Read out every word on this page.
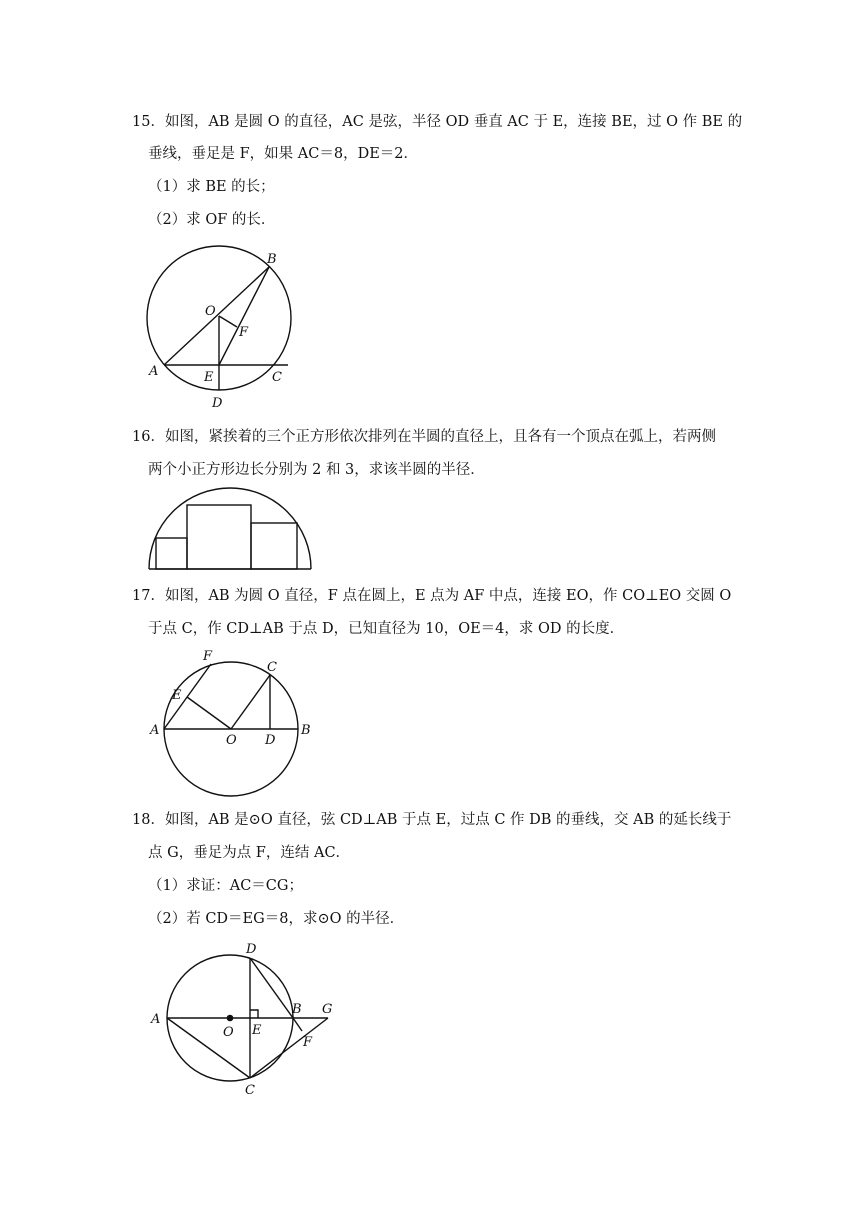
15．如图，AB 是圆 O 的直径，AC 是弦，半径 OD 垂直 AC 于 E，连接 BE，过 O 作 BE 的
垂线，垂足是 F，如果 AC＝8，DE＝2．
（1）求 BE 的长；
（2）求 OF 的长．
B
O
F
A	E	C
D
16．如图，紧挨着的三个正方形依次排列在半圆的直径上，且各有一个顶点在弧上，若两侧
两个小正方形边长分别为 2 和 3，求该半圆的半径．
17．如图，AB 为圆 O 直径，F 点在圆上，E 点为 AF 中点，连接 EO，作 CO⊥EO 交圆 O
于点 C，作 CD⊥AB 于点 D，已知直径为 10，OE＝4，求 OD 的长度．
F
C
E
A
O D
B
18．如图，AB 是⊙O 直径，弦 CD⊥AB 于点 E，过点 C 作 DB 的垂线，交 AB 的延长线于
点 G，垂足为点 F，连结 AC．
（1）求证：AC＝CG；
（2）若 CD＝EG＝8，求⊙O 的半径．
D
B G
A
O E
F
C
